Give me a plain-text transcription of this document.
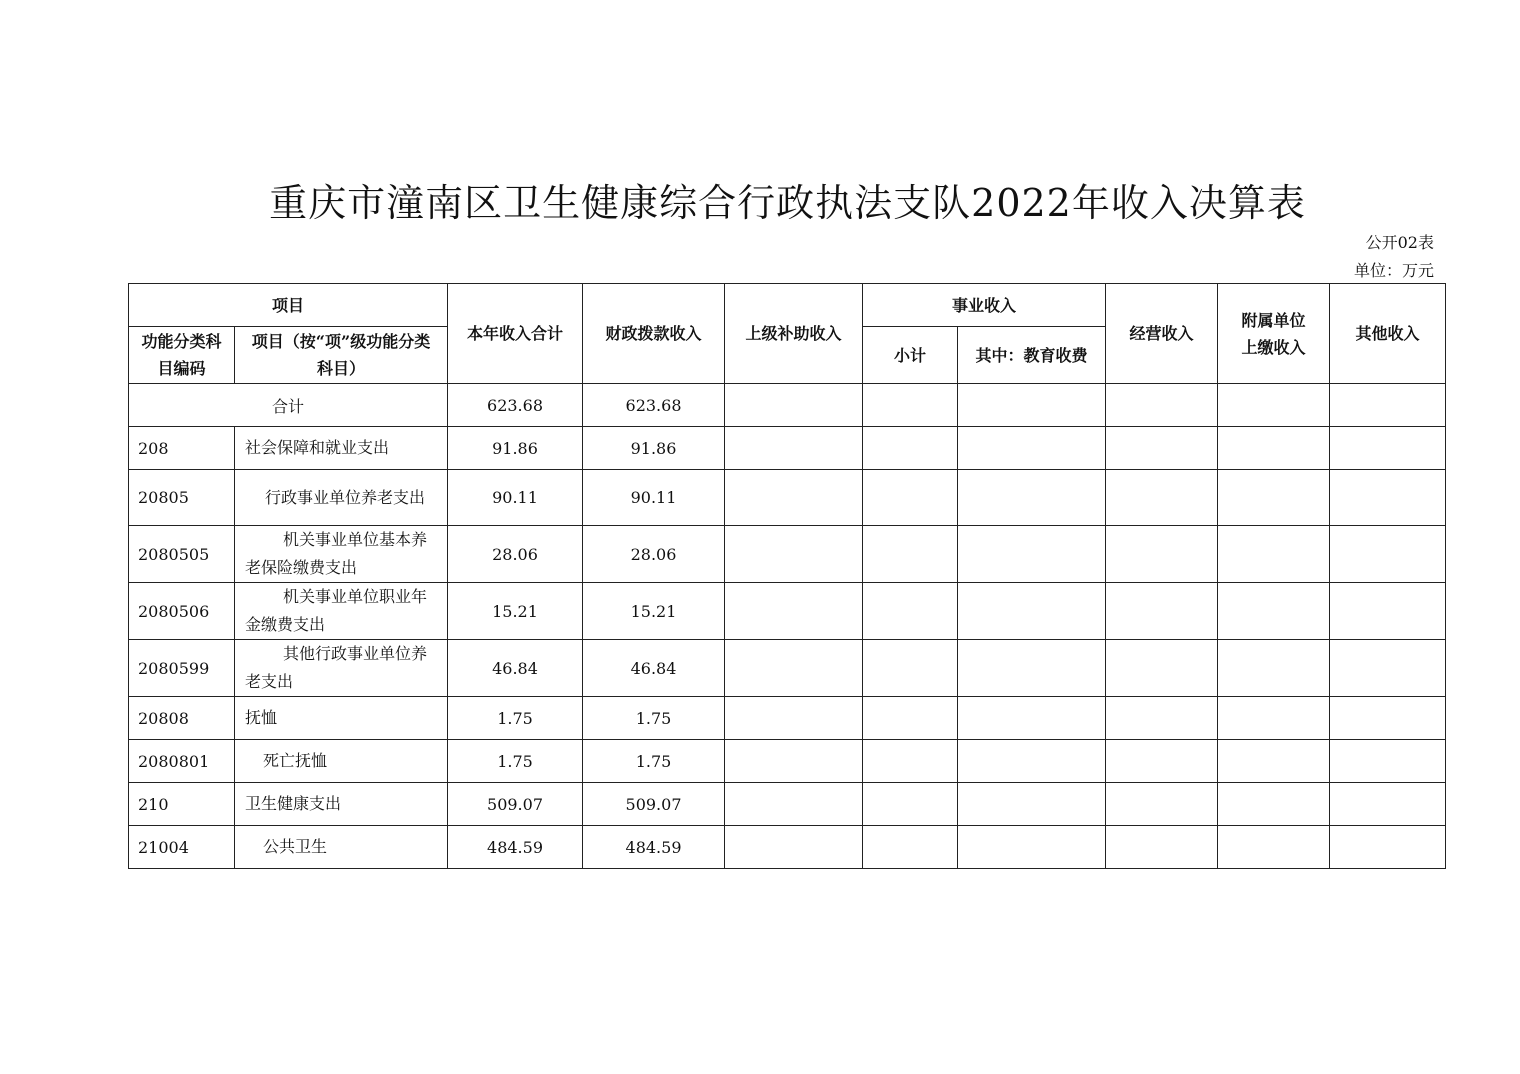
重庆市潼南区卫生健康综合行政执法支队2022年收入决算表
公开02表
单位：万元
项目		本年收入合计	财政拨款收入	上级补助收入	事业收入		经营收入	附属单位上缴收入	其他收入
功能分类科目编码	项目（按“项”级功能分类科目）				小计	其中：教育收费			
合计		623.68	623.68						
208	社会保障和就业支出	91.86	91.86						
20805	行政事业单位养老支出	90.11	90.11						
2080505	机关事业单位基本养老保险缴费支出	28.06	28.06						
2080506	机关事业单位职业年金缴费支出	15.21	15.21						
2080599	其他行政事业单位养老支出	46.84	46.84						
20808	抚恤	1.75	1.75						
2080801	死亡抚恤	1.75	1.75						
210	卫生健康支出	509.07	509.07						
21004	公共卫生	484.59	484.59						
